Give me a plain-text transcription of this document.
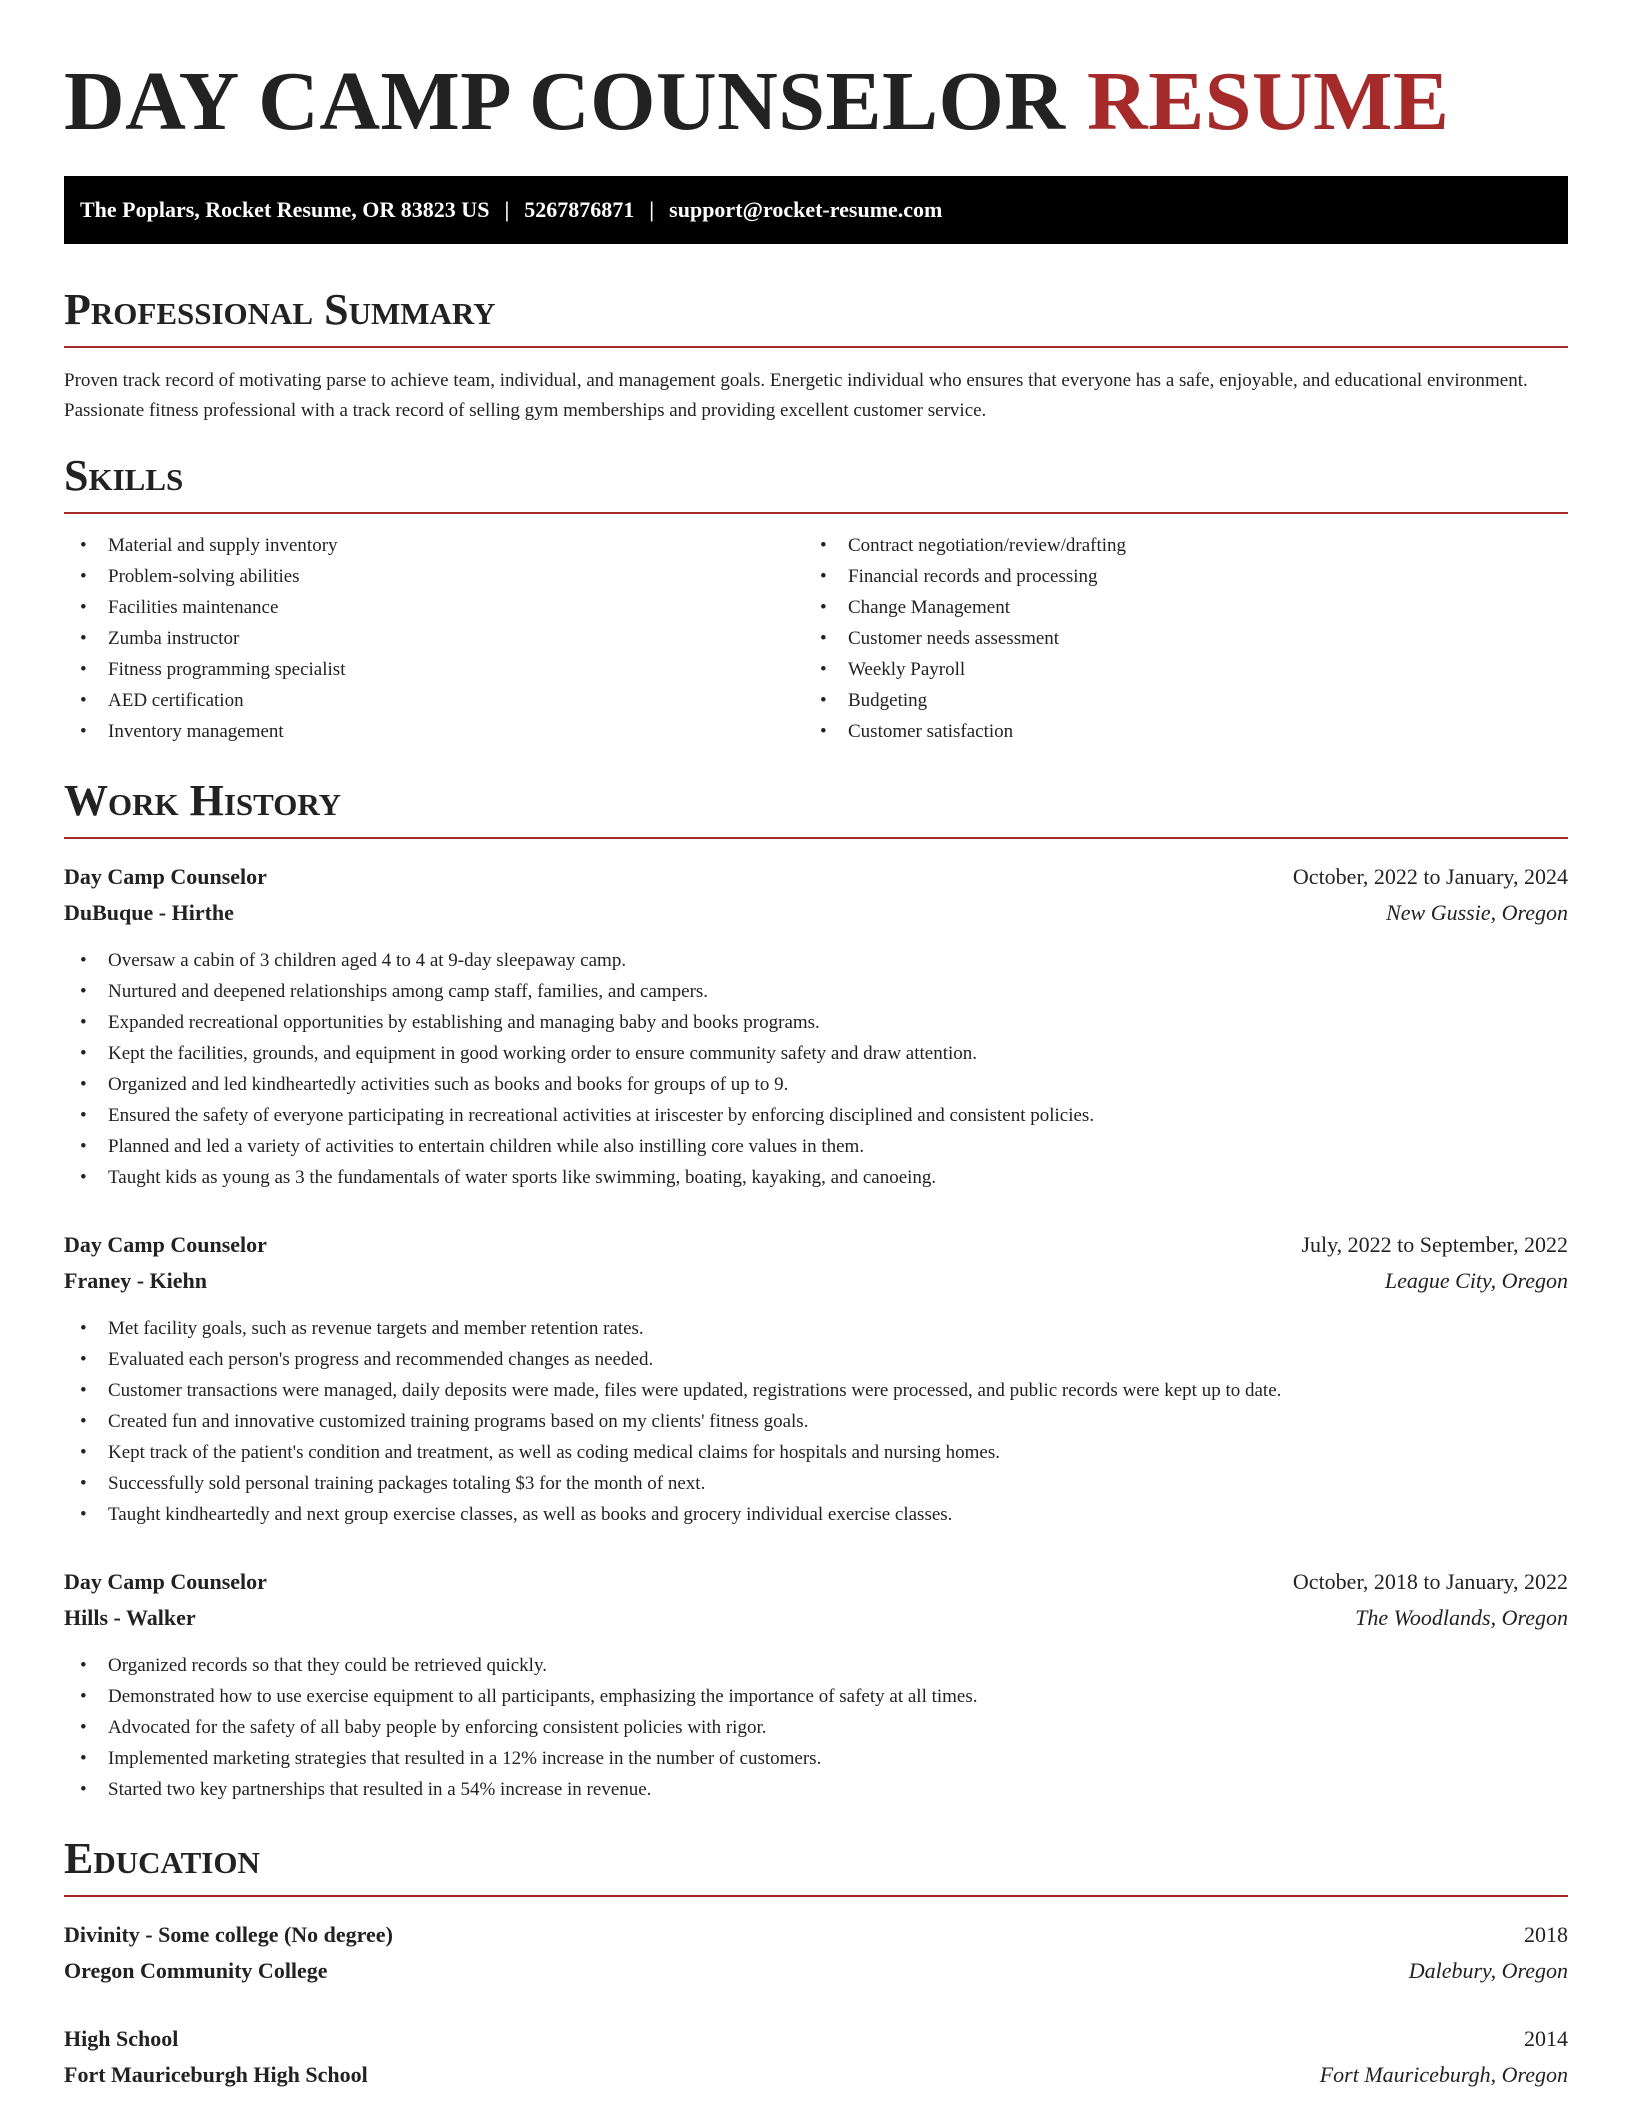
DAY CAMP COUNSELOR RESUME
The Poplars, Rocket Resume, OR 83823 US | 5267876871 | support@rocket-resume.com
Professional Summary

Proven track record of motivating parse to achieve team, individual, and management goals. Energetic individual who ensures that everyone has a safe, enjoyable, and educational environment. Passionate fitness professional with a track record of selling gym memberships and providing excellent customer service.

Skills
• Material and supply inventory
• Problem-solving abilities
• Facilities maintenance
• Zumba instructor
• Fitness programming specialist
• AED certification
• Inventory management
• Contract negotiation/review/drafting
• Financial records and processing
• Change Management
• Customer needs assessment
• Weekly Payroll
• Budgeting
• Customer satisfaction
Work History
Day Camp Counselor	October, 2022 to January, 2024
DuBuque - Hirthe	New Gussie, Oregon
• Oversaw a cabin of 3 children aged 4 to 4 at 9-day sleepaway camp.
• Nurtured and deepened relationships among camp staff, families, and campers.
• Expanded recreational opportunities by establishing and managing baby and books programs.
• Kept the facilities, grounds, and equipment in good working order to ensure community safety and draw attention.
• Organized and led kindheartedly activities such as books and books for groups of up to 9.
• Ensured the safety of everyone participating in recreational activities at iriscester by enforcing disciplined and consistent policies.
• Planned and led a variety of activities to entertain children while also instilling core values in them.
• Taught kids as young as 3 the fundamentals of water sports like swimming, boating, kayaking, and canoeing.
Day Camp Counselor	July, 2022 to September, 2022
Franey - Kiehn	League City, Oregon
• Met facility goals, such as revenue targets and member retention rates.
• Evaluated each person's progress and recommended changes as needed.
• Customer transactions were managed, daily deposits were made, files were updated, registrations were processed, and public records were kept up to date.
• Created fun and innovative customized training programs based on my clients' fitness goals.
• Kept track of the patient's condition and treatment, as well as coding medical claims for hospitals and nursing homes.
• Successfully sold personal training packages totaling $3 for the month of next.
• Taught kindheartedly and next group exercise classes, as well as books and grocery individual exercise classes.
Day Camp Counselor	October, 2018 to January, 2022
Hills - Walker	The Woodlands, Oregon
• Organized records so that they could be retrieved quickly.
• Demonstrated how to use exercise equipment to all participants, emphasizing the importance of safety at all times.
• Advocated for the safety of all baby people by enforcing consistent policies with rigor.
• Implemented marketing strategies that resulted in a 12% increase in the number of customers.
• Started two key partnerships that resulted in a 54% increase in revenue.
Education
Divinity - Some college (No degree)	2018
Oregon Community College	Dalebury, Oregon
High School	2014
Fort Mauriceburgh High School	Fort Mauriceburgh, Oregon
